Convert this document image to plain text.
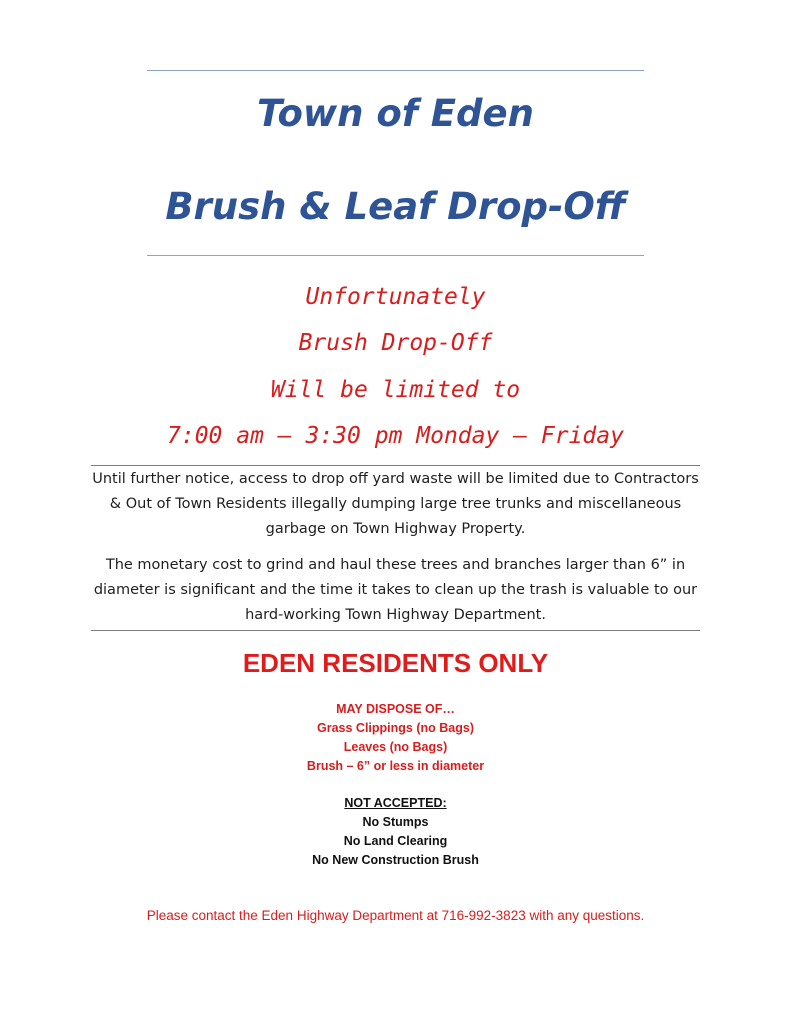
Town of Eden
Brush & Leaf Drop-Off
Unfortunately
Brush Drop-Off
Will be limited to
7:00 am – 3:30 pm Monday – Friday
Until further notice, access to drop off yard waste will be limited due to Contractors & Out of Town Residents illegally dumping large tree trunks and miscellaneous garbage on Town Highway Property.
The monetary cost to grind and haul these trees and branches larger than 6” in diameter is significant and the time it takes to clean up the trash is valuable to our hard-working Town Highway Department.
EDEN RESIDENTS ONLY
MAY DISPOSE OF…
Grass Clippings (no Bags)
Leaves (no Bags)
Brush – 6” or less in diameter
NOT ACCEPTED:
No Stumps
No Land Clearing
No New Construction Brush
Please contact the Eden Highway Department at 716-992-3823 with any questions.
